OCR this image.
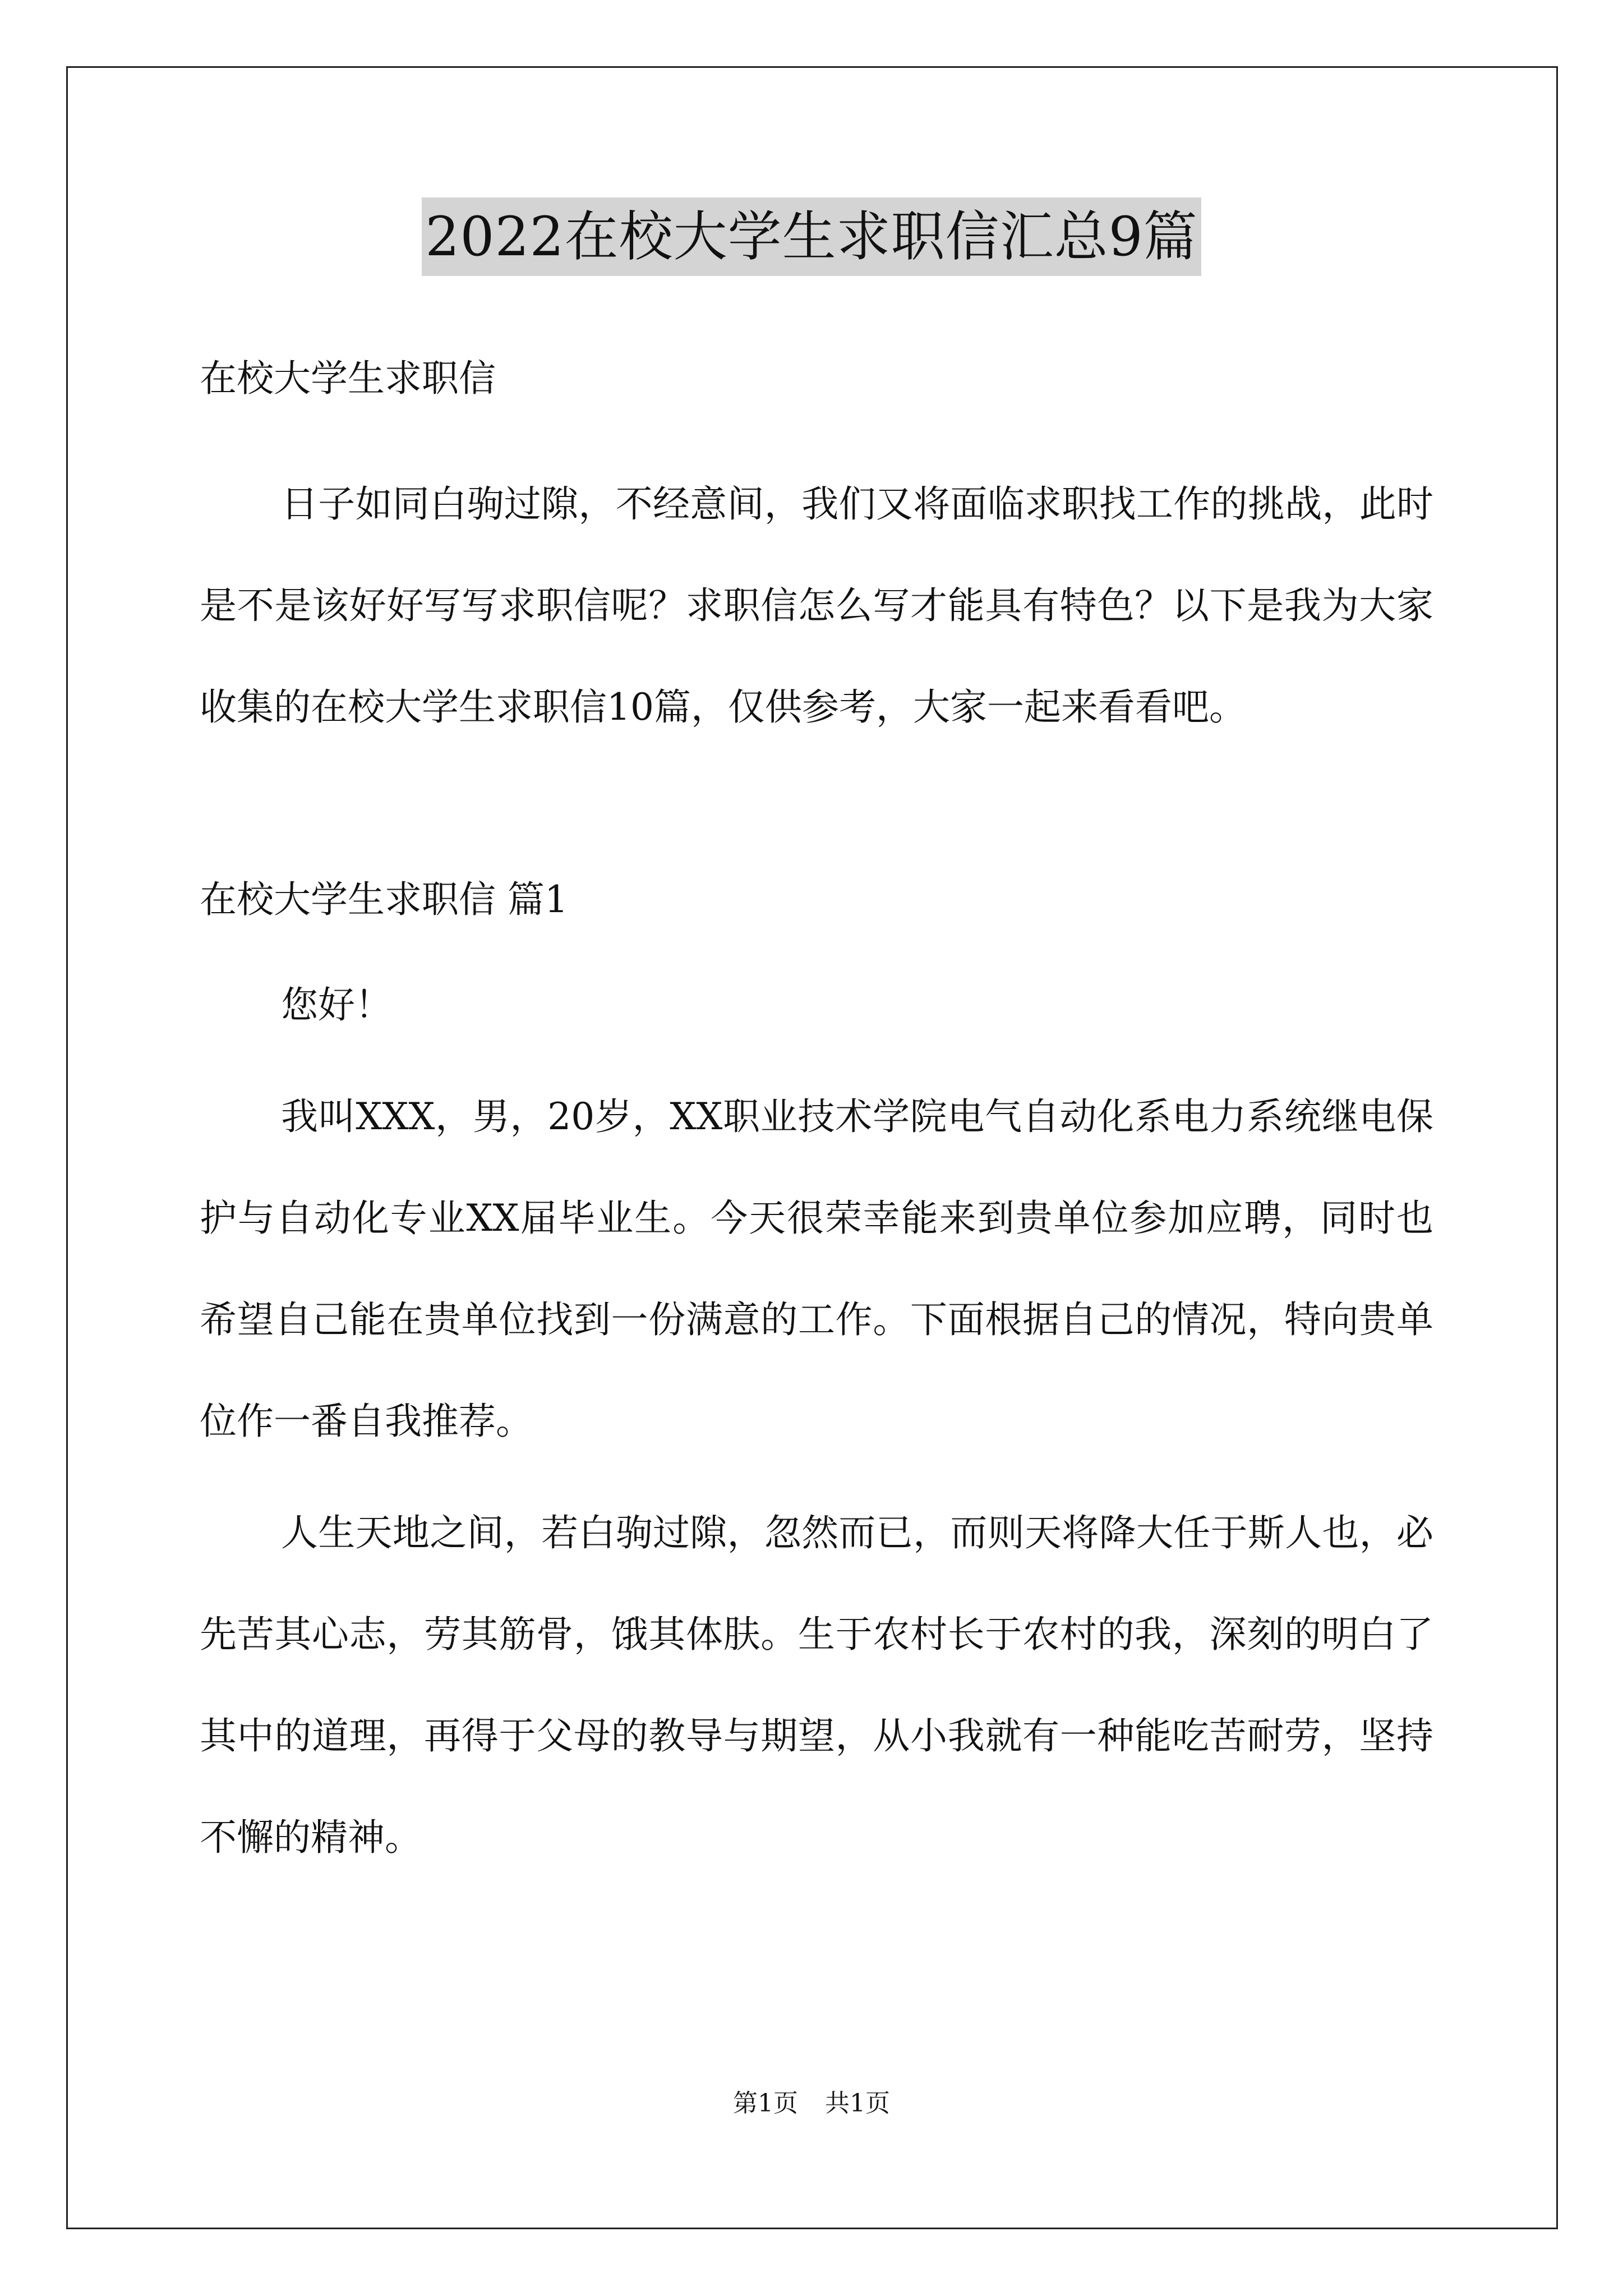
2022在校大学生求职信汇总9篇

在校大学生求职信

日子如同白驹过隙，不经意间，我们又将面临求职找工作的挑战，此时是不是该好好写写求职信呢？求职信怎么写才能具有特色？以下是我为大家收集的在校大学生求职信10篇，仅供参考，大家一起来看看吧。

在校大学生求职信 篇1

您好！

我叫XXX，男，20岁，XX职业技术学院电气自动化系电力系统继电保护与自动化专业XX届毕业生。今天很荣幸能来到贵单位参加应聘，同时也希望自己能在贵单位找到一份满意的工作。下面根据自己的情况，特向贵单位作一番自我推荐。

人生天地之间，若白驹过隙，忽然而已，而则天将降大任于斯人也，必先苦其心志，劳其筋骨，饿其体肤。生于农村长于农村的我，深刻的明白了其中的道理，再得于父母的教导与期望，从小我就有一种能吃苦耐劳，坚持不懈的精神。

第1页 共1页
